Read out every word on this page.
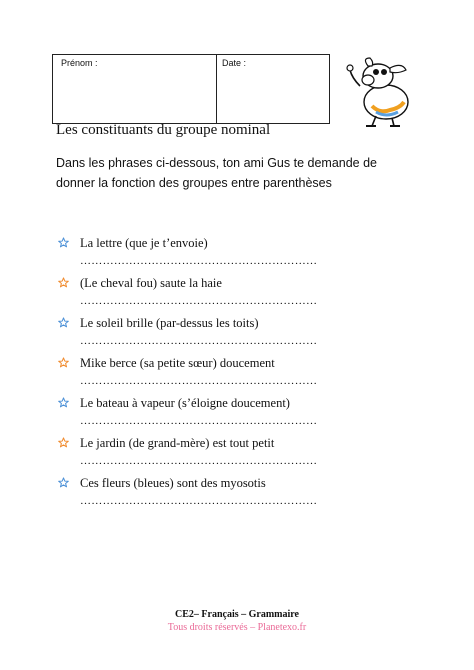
Prénom :	Date :
Les constituants du groupe nominal
Dans les phrases ci-dessous, ton ami Gus te demande de donner la fonction des groupes entre parenthèses
La lettre (que je t’envoie)
………………………………………………………
(Le cheval fou) saute la haie
………………………………………………………
Le soleil brille (par-dessus les toits)
………………………………………………………
Mike berce (sa petite sœur) doucement
………………………………………………………
Le bateau à vapeur (s’éloigne doucement)
………………………………………………………
Le jardin (de grand-mère) est tout petit
………………………………………………………
Ces fleurs (bleues) sont des myosotis
………………………………………………………
CE2– Français – Grammaire
Tous droits réservés – Planetexo.fr
